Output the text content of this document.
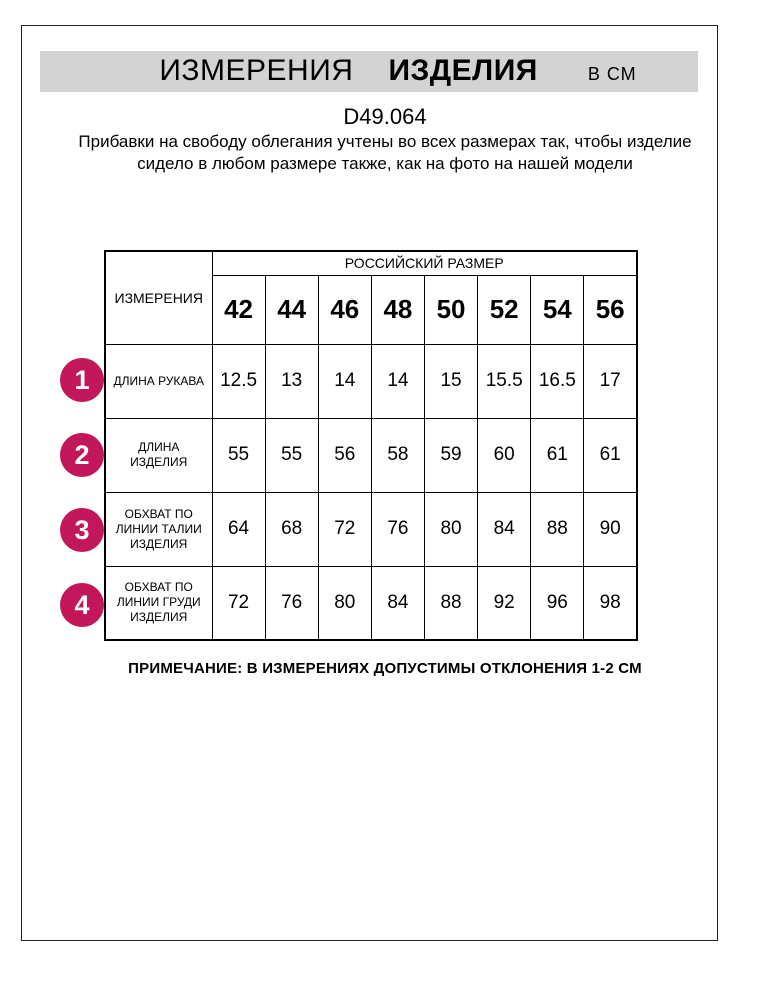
ИЗМЕРЕНИЯ ИЗДЕЛИЯ	В СМ
D49.064
Прибавки на свободу облегания учтены во всех размерах так, чтобы изделие сидело в любом размере также, как на фото на нашей модели
ИЗМЕРЕНИЯ	РОССИЙСКИЙ РАЗМЕР							
	42	44	46	48	50	52	54	56
ДЛИНА РУКАВА	12.5	13	14	14	15	15.5	16.5	17
ДЛИНА ИЗДЕЛИЯ	55	55	56	58	59	60	61	61
ОБХВАТ ПО ЛИНИИ ТАЛИИ ИЗДЕЛИЯ	64	68	72	76	80	84	88	90
ОБХВАТ ПО ЛИНИИ ГРУДИ ИЗДЕЛИЯ	72	76	80	84	88	92	96	98
1
2
3
4
ПРИМЕЧАНИЕ: В ИЗМЕРЕНИЯХ ДОПУСТИМЫ ОТКЛОНЕНИЯ 1-2 СМ
